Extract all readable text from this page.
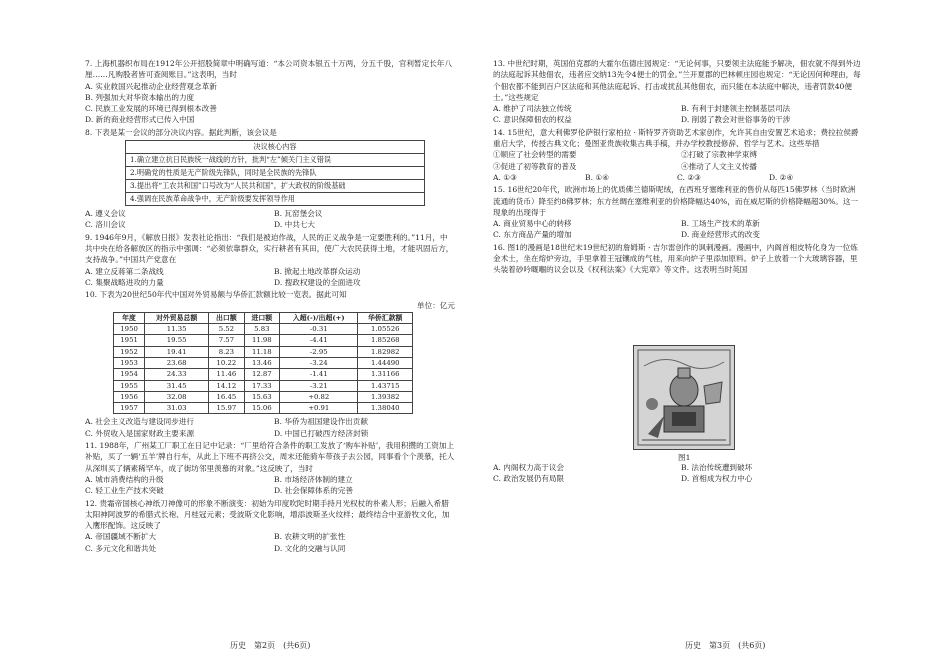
7. 上海机器织布局在1912年公开招股简章中明确写道：“本公司资本银五十万两，分五千股，官利暂定长年八厘……凡购股者皆可查阅账目。”这表明，当时

A. 实业救国兴起推动企业经营观念革新
B. 列强加大对华资本输出的力度
C. 民族工业发展的环境已得到根本改善
D. 新的商业经营形式已传入中国

8. 下表是某一会议的部分决议内容。据此判断，该会议是

决议核心内容
1.确立建立抗日民族统一战线的方针，批判“左”倾关门主义错误
2.明确党的性质是无产阶级先锋队，同时是全民族的先锋队
3.提出将“工农共和国”口号改为“人民共和国”，扩大政权的阶级基础
4.强调在民族革命战争中，无产阶级要发挥领导作用
A. 遵义会议	B. 瓦窑堡会议
C. 洛川会议	D. 中共七大

9. 1946年9月，《解放日报》发表社论指出：“我们是被迫作战，人民的正义战争是一定要胜利的。”11月，中共中央在给各解放区的指示中强调：“必须依靠群众，实行耕者有其田，使广大农民获得土地，才能巩固后方，支持战争。”中国共产党意在

A. 建立反蒋第二条战线	B. 掀起土地改革群众运动
C. 集聚战略进攻的力量	D. 搜政权建设的全面进攻

10. 下表为20世纪50年代中国对外贸易额与华侨汇款额比较一览表。据此可知

单位：亿元

年度	对外贸易总额	出口额	进口额	入超(-)/出超(+)	华侨汇款额
1950	11.35	5.52	5.83	-0.31	1.05526
1951	19.55	7.57	11.98	-4.41	1.85268
1952	19.41	8.23	11.18	-2.95	1.82982
1953	23.68	10.22	13.46	-3.24	1.44490
1954	24.33	11.46	12.87	-1.41	1.31166
1955	31.45	14.12	17.33	-3.21	1.43715
1956	32.08	16.45	15.63	+0.82	1.39382
1957	31.03	15.97	15.06	+0.91	1.38040
A. 社会主义改造与建设同步进行	B. 华侨为祖国建设作出贡献
C. 外贸收入是国家财政主要来源	D. 中国已打破西方经济封锁

11. 1988年，广州某工厂职工在日记中记录：“厂里给符合条件的职工发放了‘购车补贴’，我用积攒的工资加上补贴，买了一辆‘五羊’牌自行车，从此上下班不再挤公交，周末还能骑车带孩子去公园，同事看个个羡慕，托人从深圳买了辆素稀罕车，成了街坊邻里羡慕的对象。”这反映了，当时

A. 城市消费结构的升级	B. 市场经济体制的建立
C. 轻工业生产技术突破	D. 社会保障体系的完善

12. 贵霜帝国核心神纸刀神像可的形象不断演变：初始为印度吹陀时期手持月光权杖的朴素人形；后融入希腊太阳神阿波罗的希腊式长袍、月桂冠元素；受波斯文化影响，增添波斯圣火纹样；最终结合中亚游牧文化，加入鹰形配饰。这反映了

A. 帝国疆域不断扩大	B. 农耕文明的扩张性
C. 多元文化和谐共处	D. 文化的交融与认同
历史　第2页　(共6页)

13. 中世纪时期，英国伯克郡的大霍尔伍德庄园规定：“无论何事，只要领主法庭能予解决，佃农就不得到外边的法庭起诉其他佃农，违者应交纳13先令4便士的罚金。”兰开夏郡的巴林顿庄园也规定：“无论因何种理由，每个佃农都不能到百户区法庭和其他法庭起诉、打击或扰乱其他佃农，而只能在本法庭中解决，违者罚款40便士。”这些规定

A. 维护了司法独立传统	B. 有利于封建领主控制基层司法
C. 意识保障佃农的权益	D. 削弱了教会对世俗事务的干涉

14. 15世纪，意大利佛罗伦萨银行家柏拉 · 斯特罗齐资助艺术家创作，允许其自由安置艺术追求；费拉拉侯爵重启大学，传授古典文化；曼图亚贵族收集古典手稿，并办学校教授修辞、哲学与艺术。这些举措

①顺应了社会转型的需要	②打破了宗教神学束缚
③促进了初等教育的普及	④推动了人文主义传播
A. ①③	B. ①④	C. ②③	D. ②④

15. 16世纪20年代，欧洲市场上的优质佛兰德斯呢绒，在西班牙塞维利亚的售价从每匹15佛罗林（当时欧洲流通的货币）降至约8佛罗林；东方丝绸在塞维利亚的价格降幅达40%，而在威尼斯的价格降幅超30%。这一现象的出现得于

A. 商业贸易中心的转移	B. 工场生产技术的革新
C. 东方商品产量的增加	D. 商业经营形式的改变

16. 图1的漫画是18世纪末19世纪初的詹姆斯 · 吉尔雷创作的讽刺漫画。漫画中，内阁首相皮特化身为一位炼金术士，坐在熔炉旁边，手里拿着王冠镶成的气桂，用来向炉子里添加原料。炉子上放着一个大玻璃容器，里头装着砂吟嘅嗰的议会以及《权利法案》《大宪章》等文件。这表明当时英国

图1
A. 内阁权力高于议会	B. 法治传统遭到破坏
C. 政治发展仍有局限	D. 首相成为权力中心
历史　第3页　(共6页)
